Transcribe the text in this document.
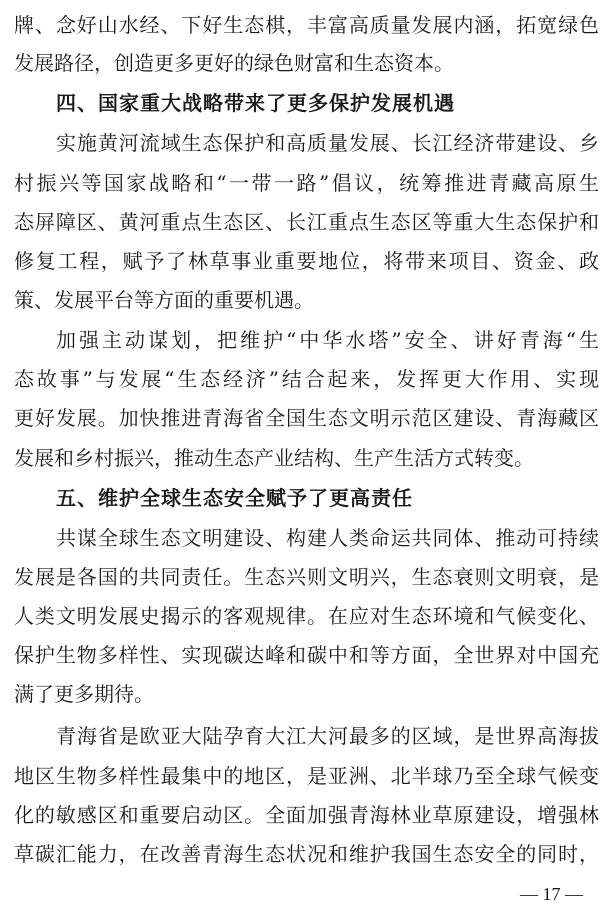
牌、念好山水经、下好生态棋，丰富高质量发展内涵，拓宽绿色
发展路径，创造更多更好的绿色财富和生态资本。
四、国家重大战略带来了更多保护发展机遇
实施黄河流域生态保护和高质量发展、长江经济带建设、乡
村振兴等国家战略和“一带一路”倡议，统筹推进青藏高原生
态屏障区、黄河重点生态区、长江重点生态区等重大生态保护和
修复工程，赋予了林草事业重要地位，将带来项目、资金、政
策、发展平台等方面的重要机遇。
加强主动谋划，把维护“中华水塔”安全、讲好青海“生
态故事”与发展“生态经济”结合起来，发挥更大作用、实现
更好发展。加快推进青海省全国生态文明示范区建设、青海藏区
发展和乡村振兴，推动生态产业结构、生产生活方式转变。
五、维护全球生态安全赋予了更高责任
共谋全球生态文明建设、构建人类命运共同体、推动可持续
发展是各国的共同责任。生态兴则文明兴，生态衰则文明衰，是
人类文明发展史揭示的客观规律。在应对生态环境和气候变化、
保护生物多样性、实现碳达峰和碳中和等方面，全世界对中国充
满了更多期待。
青海省是欧亚大陆孕育大江大河最多的区域，是世界高海拔
地区生物多样性最集中的地区，是亚洲、北半球乃至全球气候变
化的敏感区和重要启动区。全面加强青海林业草原建设，增强林
草碳汇能力，在改善青海生态状况和维护我国生态安全的同时，
— 17 —
